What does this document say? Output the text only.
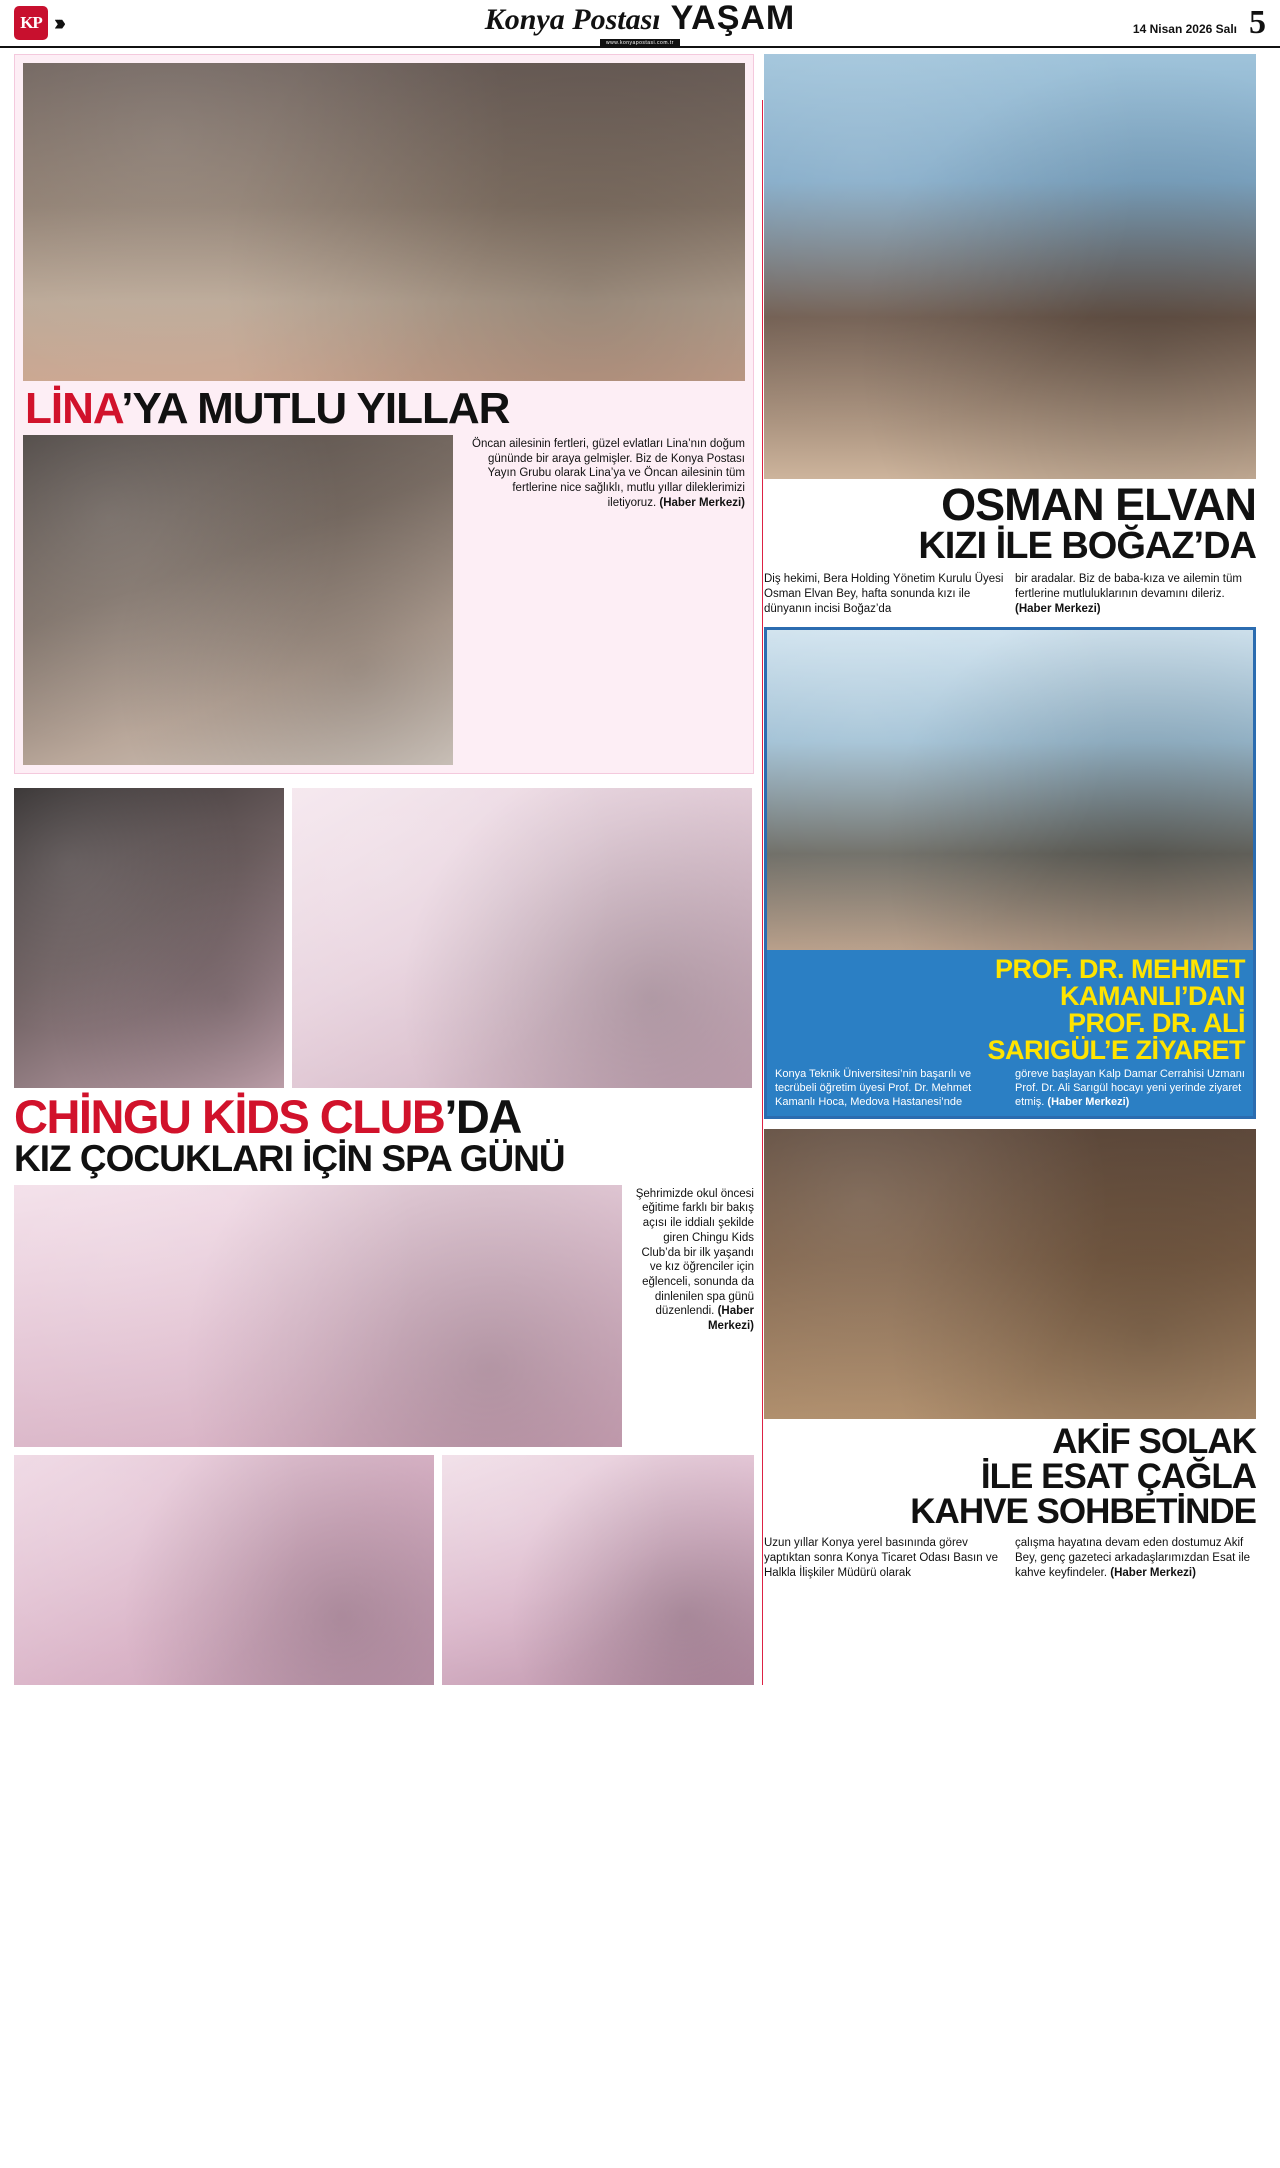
KP ›››	Konya Postası YAŞAM
www.konyapostasi.com.tr
14 Nisan 2026 Salı 5
LİNA’YA MUTLU YILLAR
Öncan ailesinin fertleri, güzel evlatları Lina’nın doğum gününde bir araya gelmişler. Biz de Konya Postası Yayın Grubu olarak Lina’ya ve Öncan ailesinin tüm fertlerine nice sağlıklı, mutlu yıllar dileklerimizi iletiyoruz. (Haber Merkezi)
CHİNGU KİDS CLUB’DA
KIZ ÇOCUKLARI İÇİN SPA GÜNÜ
Şehrimizde okul öncesi eğitime farklı bir bakış açısı ile iddialı şekilde giren Chingu Kids Club’da bir ilk yaşandı ve kız öğrenciler için eğlenceli, sonunda da dinlenilen spa günü düzenlendi. (Haber Merkezi)
OSMAN ELVAN
KIZI İLE BOĞAZ’DA
Diş hekimi, Bera Holding Yönetim Kurulu Üyesi Osman Elvan Bey, hafta sonunda kızı ile dünyanın incisi Boğaz’da
bir aradalar. Biz de baba-kıza ve ailemin tüm fertlerine mutluluklarının devamını dileriz. (Haber Merkezi)
PROF. DR. MEHMET
KAMANLI’DAN
PROF. DR. ALİ
SARIGÜL’E ZİYARET
Konya Teknik Üniversitesi’nin başarılı ve tecrübeli öğretim üyesi Prof. Dr. Mehmet Kamanlı Hoca, Medova Hastanesi’nde
göreve başlayan Kalp Damar Cerrahisi Uzmanı Prof. Dr. Ali Sarıgül hocayı yeni yerinde ziyaret etmiş. (Haber Merkezi)
AKİF SOLAK
İLE ESAT ÇAĞLA
KAHVE SOHBETİNDE
Uzun yıllar Konya yerel basınında görev yaptıktan sonra Konya Ticaret Odası Basın ve Halkla İlişkiler Müdürü olarak
çalışma hayatına devam eden dostumuz Akif Bey, genç gazeteci arkadaşlarımızdan Esat ile kahve keyfindeler. (Haber Merkezi)
